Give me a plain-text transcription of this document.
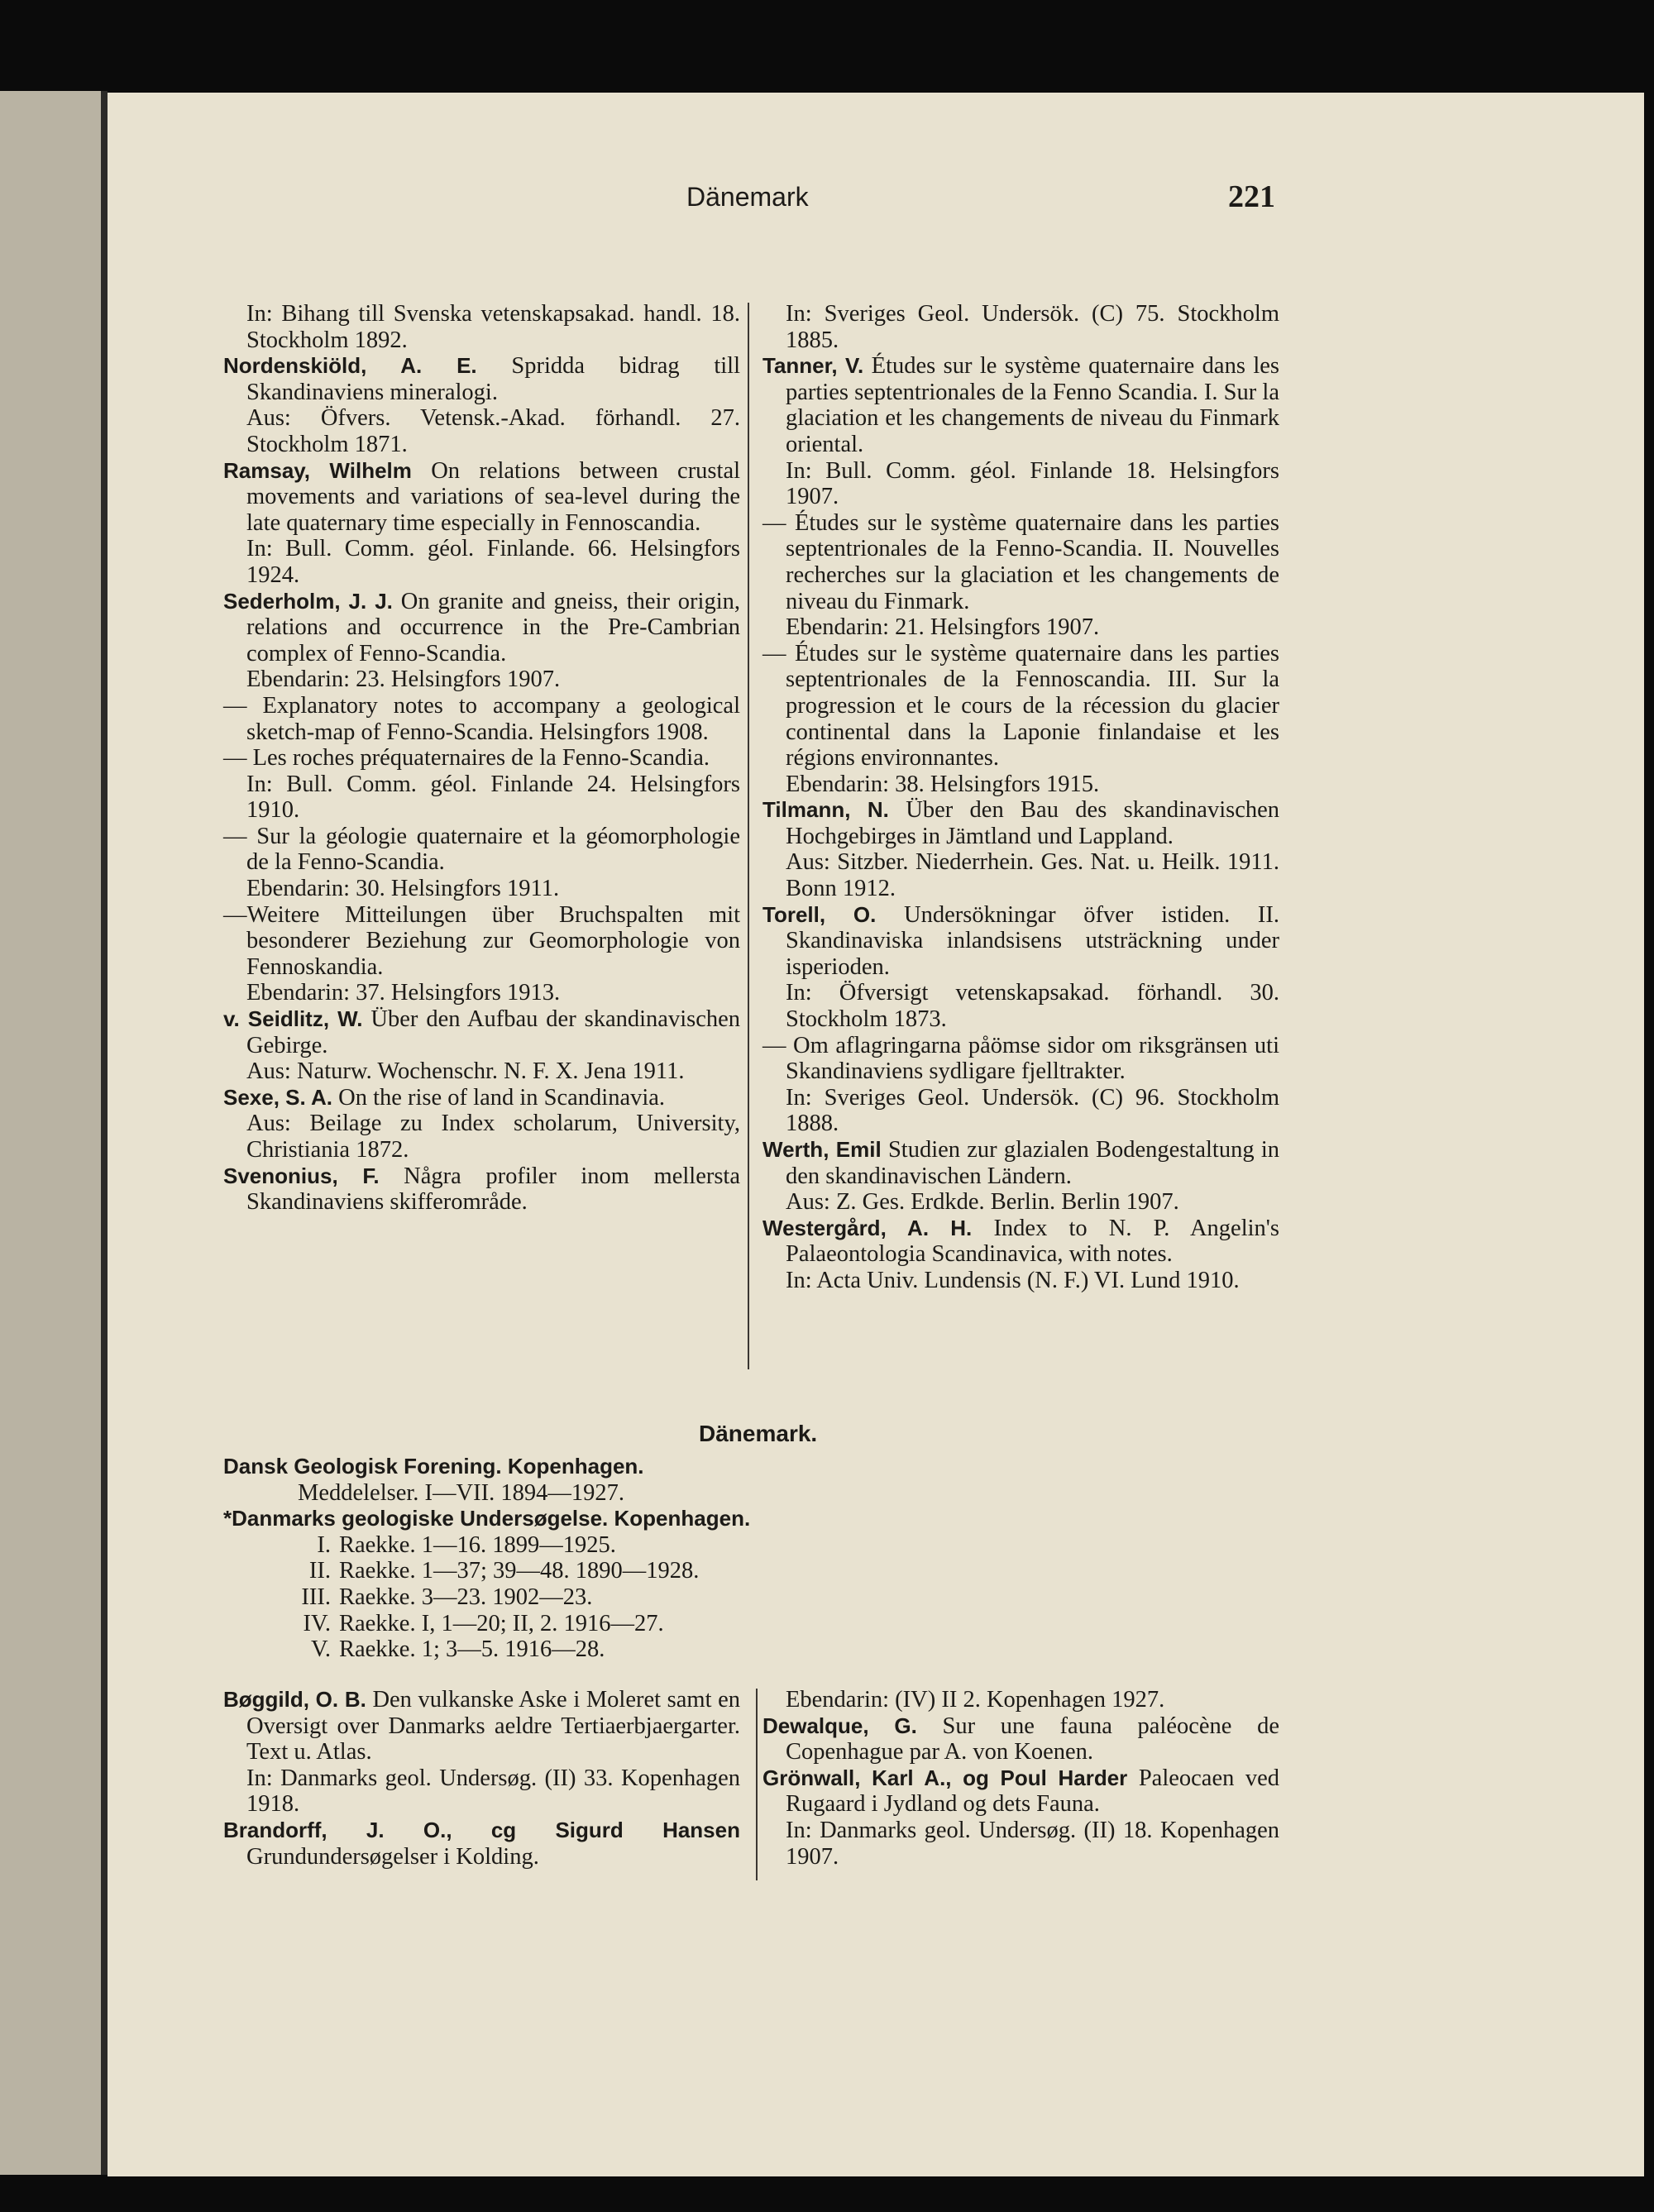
Dänemark	221
In: Bihang till Svenska vetenskapsakad. handl. 18. Stockholm 1892.
Nordenskiöld, A. E. Spridda bidrag till Skandinaviens mineralogi.
Aus: Öfvers. Vetensk.-Akad. förhandl. 27. Stockholm 1871.
Ramsay, Wilhelm On relations between crustal movements and variations of sea-level during the late quaternary time especially in Fennoscandia.
In: Bull. Comm. géol. Finlande. 66. Helsingfors 1924.
Sederholm, J. J. On granite and gneiss, their origin, relations and occurrence in the Pre-Cambrian complex of Fenno-Scandia.
Ebendarin: 23. Helsingfors 1907.
— Explanatory notes to accompany a geological sketch-map of Fenno-Scandia. Helsingfors 1908.
— Les roches préquaternaires de la Fenno-Scandia.
In: Bull. Comm. géol. Finlande 24. Helsingfors 1910.
— Sur la géologie quaternaire et la géomorphologie de la Fenno-Scandia.
Ebendarin: 30. Helsingfors 1911.
—Weitere Mitteilungen über Bruchspalten mit besonderer Beziehung zur Geomorphologie von Fennoskandia.
Ebendarin: 37. Helsingfors 1913.
v. Seidlitz, W. Über den Aufbau der skandinavischen Gebirge.
Aus: Naturw. Wochenschr. N. F. X. Jena 1911.
Sexe, S. A. On the rise of land in Scandinavia.
Aus: Beilage zu Index scholarum, University, Christiania 1872.
Svenonius, F. Några profiler inom mellersta Skandinaviens skifferområde.
In: Sveriges Geol. Undersök. (C) 75. Stockholm 1885.
Tanner, V. Études sur le système quaternaire dans les parties septentrionales de la Fenno Scandia. I. Sur la glaciation et les changements de niveau du Finmark oriental.
In: Bull. Comm. géol. Finlande 18. Helsingfors 1907.
— Études sur le système quaternaire dans les parties septentrionales de la Fenno-Scandia. II. Nouvelles recherches sur la glaciation et les changements de niveau du Finmark.
Ebendarin: 21. Helsingfors 1907.
— Études sur le système quaternaire dans les parties septentrionales de la Fennoscandia. III. Sur la progression et le cours de la récession du glacier continental dans la Laponie finlandaise et les régions environnantes.
Ebendarin: 38. Helsingfors 1915.
Tilmann, N. Über den Bau des skandinavischen Hochgebirges in Jämtland und Lappland.
Aus: Sitzber. Niederrhein. Ges. Nat. u. Heilk. 1911. Bonn 1912.
Torell, O. Undersökningar öfver istiden. II. Skandinaviska inlandsisens utsträckning under isperioden.
In: Öfversigt vetenskapsakad. förhandl. 30. Stockholm 1873.
— Om aflagringarna påömse sidor om riksgränsen uti Skandinaviens sydligare fjelltrakter.
In: Sveriges Geol. Undersök. (C) 96. Stockholm 1888.
Werth, Emil Studien zur glazialen Bodengestaltung in den skandinavischen Ländern.
Aus: Z. Ges. Erdkde. Berlin. Berlin 1907.
Westergård, A. H. Index to N. P. Angelin's Palaeontologia Scandinavica, with notes.
In: Acta Univ. Lundensis (N. F.) VI. Lund 1910.
Dänemark.
Dansk Geologisk Forening. Kopenhagen.
Meddelelser. I—VII. 1894—1927.
*Danmarks geologiske Undersøgelse. Kopenhagen.
I. Raekke. 1—16. 1899—1925.
II. Raekke. 1—37; 39—48. 1890—1928.
III. Raekke. 3—23. 1902—23.
IV. Raekke. I, 1—20; II, 2. 1916—27.
V. Raekke. 1; 3—5. 1916—28.
Bøggild, O. B. Den vulkanske Aske i Moleret samt en Oversigt over Danmarks aeldre Tertiaerbjaergarter. Text u. Atlas.
In: Danmarks geol. Undersøg. (II) 33. Kopenhagen 1918.
Brandorff, J. O., cg Sigurd Hansen Grundundersøgelser i Kolding.
Ebendarin: (IV) II 2. Kopenhagen 1927.
Dewalque, G. Sur une fauna paléocène de Copenhague par A. von Koenen.
Grönwall, Karl A., og Poul Harder Paleocaen ved Rugaard i Jydland og dets Fauna.
In: Danmarks geol. Undersøg. (II) 18. Kopenhagen 1907.
